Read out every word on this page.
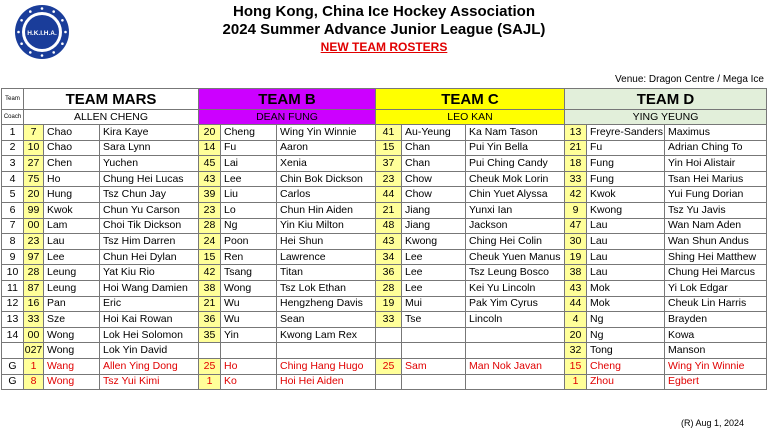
H.K.I.H.A.
Hong Kong, China Ice Hockey Association
2024 Summer Advance Junior League (SAJL)
NEW TEAM ROSTERS
Venue: Dragon Centre / Mega Ice
Team	TEAM MARS			TEAM B			TEAM C			TEAM D		
Coach	ALLEN CHENG			DEAN FUNG			LEO KAN			YING YEUNG		
1	7	Chao	Kira Kaye	20	Cheng	Wing Yin Winnie	41	Au-Yeung	Ka Nam Tason	13	Freyre-Sanders	Maximus
2	10	Chao	Sara Lynn	14	Fu	Aaron	15	Chan	Pui Yin Bella	21	Fu	Adrian Ching To
3	27	Chen	Yuchen	45	Lai	Xenia	37	Chan	Pui Ching Candy	18	Fung	Yin Hoi Alistair
4	75	Ho	Chung Hei Lucas	43	Lee	Chin Bok Dickson	23	Chow	Cheuk Mok Lorin	33	Fung	Tsan Hei Marius
5	20	Hung	Tsz Chun Jay	39	Liu	Carlos	44	Chow	Chin Yuet Alyssa	42	Kwok	Yui Fung Dorian
6	99	Kwok	Chun Yu Carson	23	Lo	Chun Hin Aiden	21	Jiang	Yunxi Ian	9	Kwong	Tsz Yu Javis
7	00	Lam	Choi Tik Dickson	28	Ng	Yin Kiu Milton	48	Jiang	Jackson	47	Lau	Wan Nam Aden
8	23	Lau	Tsz Him Darren	24	Poon	Hei Shun	43	Kwong	Ching Hei Colin	30	Lau	Wan Shun Andus
9	97	Lee	Chun Hei Dylan	15	Ren	Lawrence	34	Lee	Cheuk Yuen Manus	19	Lau	Shing Hei Matthew
10	28	Leung	Yat Kiu Rio	42	Tsang	Titan	36	Lee	Tsz Leung Bosco	38	Lau	Chung Hei Marcus
11	87	Leung	Hoi Wang Damien	38	Wong	Tsz Lok Ethan	28	Lee	Kei Yu Lincoln	43	Mok	Yi Lok Edgar
12	16	Pan	Eric	21	Wu	Hengzheng Davis	19	Mui	Pak Yim Cyrus	44	Mok	Cheuk Lin Harris
13	33	Sze	Hoi Kai Rowan	36	Wu	Sean	33	Tse	Lincoln	4	Ng	Brayden
14	00	Wong	Lok Hei Solomon	35	Yin	Kwong Lam Rex				20	Ng	Kowa
	027	Wong	Lok Yin David							32	Tong	Manson
G	1	Wang	Allen Ying Dong	25	Ho	Ching Hang Hugo	25	Sam	Man Nok Javan	15	Cheng	Wing Yin Winnie
G	8	Wong	Tsz Yui Kimi	1	Ko	Hoi Hei Aiden				1	Zhou	Egbert
(R) Aug 1, 2024
